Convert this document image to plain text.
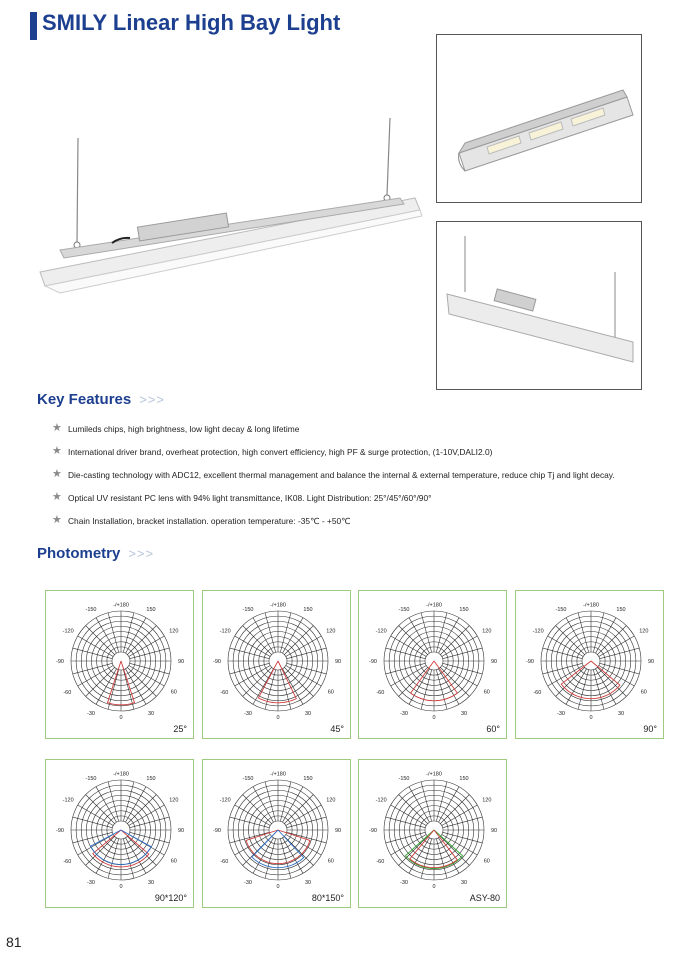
SMILY Linear High Bay Light
Key Features >>>
★ Lumileds chips, high brightness, low light decay & long lifetime
★ International driver brand, overheat protection, high convert efficiency, high PF & surge protection, (1-10V,DALI2.0)
★ Die-casting technology with ADC12, excellent thermal management and balance the internal & external temperature, reduce chip Tj and light decay.
★ Optical UV resistant PC lens with 94% light transmittance, IK08. Light Distribution: 25°/45°/60°/90°
★ Chain Installation, bracket installation. operation temperature: -35℃ - +50℃
Photometry >>>
-/+180
-150	150
-120	120
-90	90
-60	60
-30	30
0
25°
-/+180
-150	150
-120	120
-90	90
-60	60
-30	30
0
45°
-/+180
-150	150
-120	120
-90	90
-60	60
-30	30
0
60°
-/+180
-150	150
-120	120
-90	90
-60	60
-30	30
0
90°
-/+180
-150	150
-120	120
-90	90
-60	60
-30	30
0
90*120°
-/+180
-150	150
-120	120
-90	90
-60	60
-30	30
0
80*150°
-/+180
-150	150
-120	120
-90	90
-60	60
-30	30
0
ASY-80
81
